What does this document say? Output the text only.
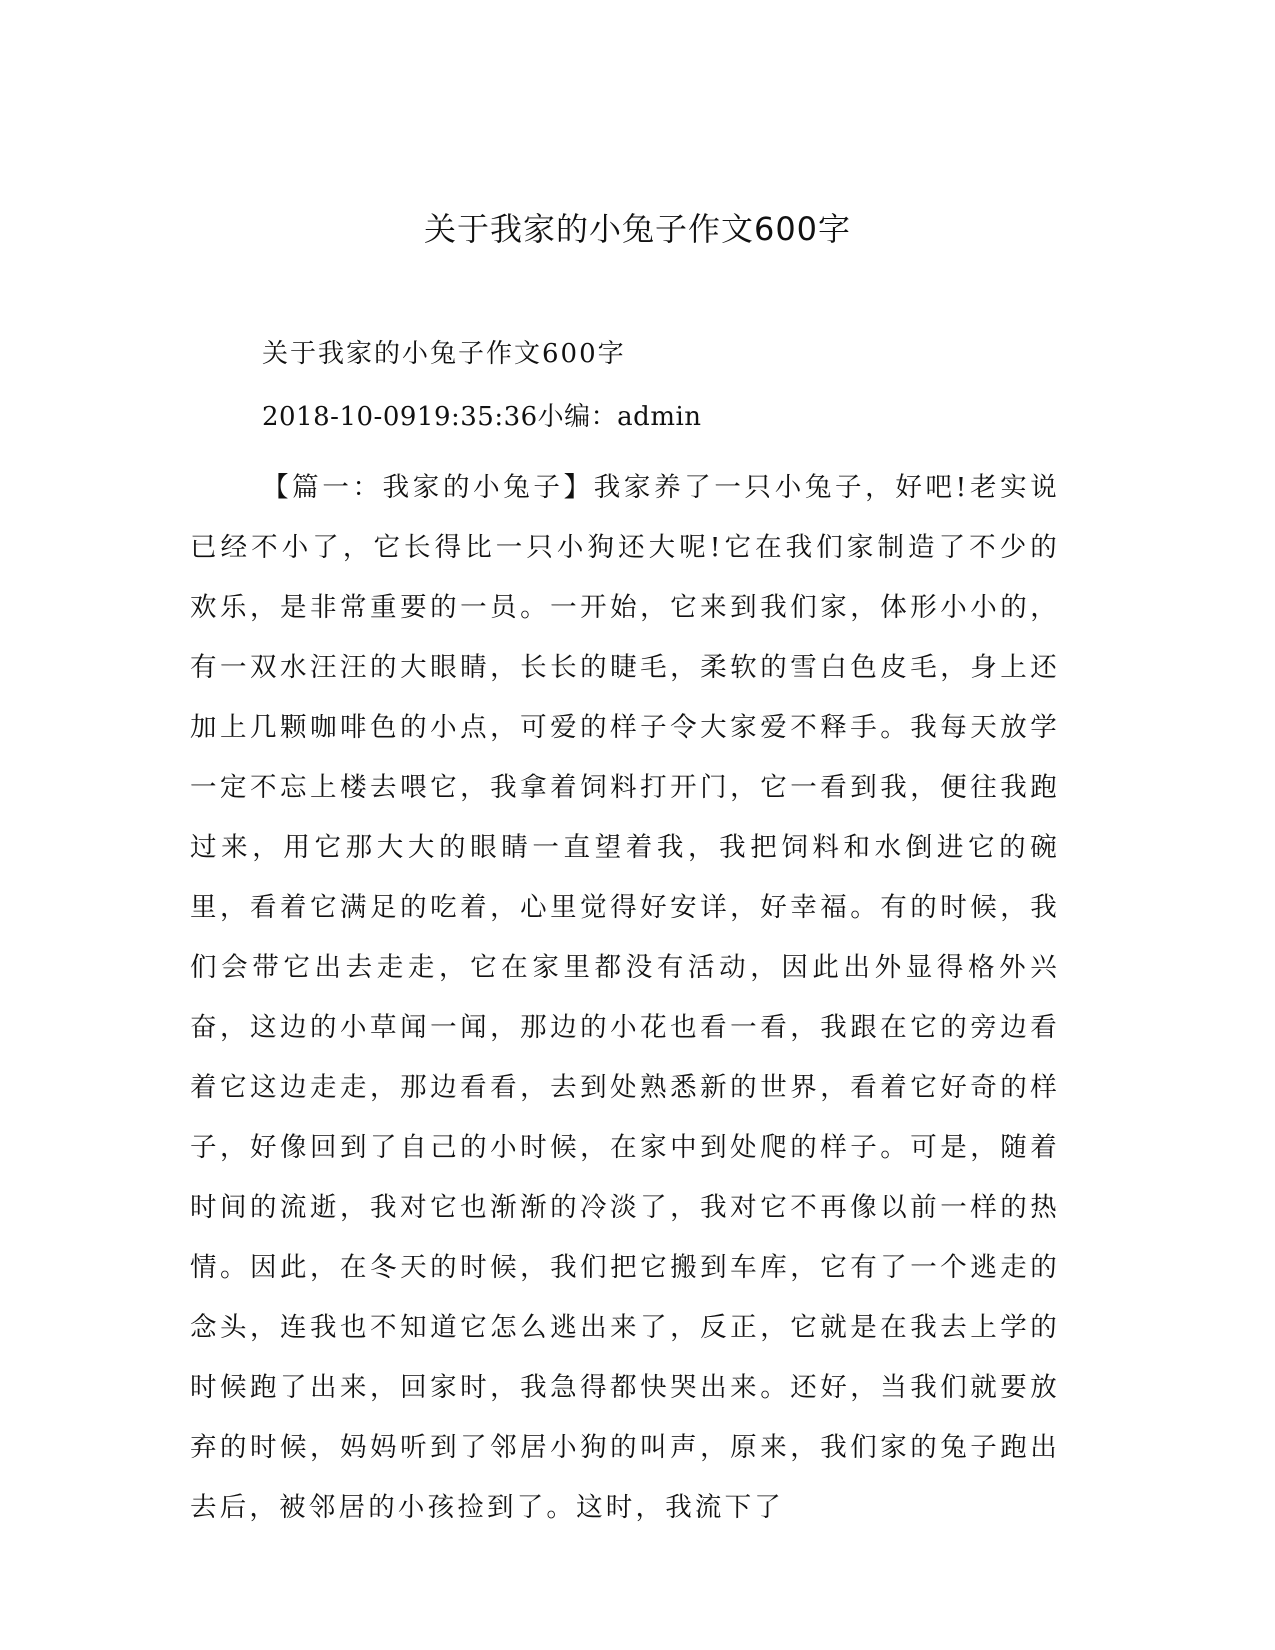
关于我家的小兔子作文600字
关于我家的小兔子作文600字
2018-10-0919:35:36小编：admin

【篇一：我家的小兔子】我家养了一只小兔子，好吧!老实说已经不小了，它长得比一只小狗还大呢!它在我们家制造了不少的欢乐，是非常重要的一员。一开始，它来到我们家，体形小小的，有一双水汪汪的大眼睛，长长的睫毛，柔软的雪白色皮毛，身上还加上几颗咖啡色的小点，可爱的样子令大家爱不释手。我每天放学一定不忘上楼去喂它，我拿着饲料打开门，它一看到我，便往我跑过来，用它那大大的眼睛一直望着我，我把饲料和水倒进它的碗里，看着它满足的吃着，心里觉得好安详，好幸福。有的时候，我们会带它出去走走，它在家里都没有活动，因此出外显得格外兴奋，这边的小草闻一闻，那边的小花也看一看，我跟在它的旁边看着它这边走走，那边看看，去到处熟悉新的世界，看着它好奇的样子，好像回到了自己的小时候，在家中到处爬的样子。可是，随着时间的流逝，我对它也渐渐的冷淡了，我对它不再像以前一样的热情。因此，在冬天的时候，我们把它搬到车库，它有了一个逃走的念头，连我也不知道它怎么逃出来了，反正，它就是在我去上学的时候跑了出来，回家时，我急得都快哭出来。还好，当我们就要放弃的时候，妈妈听到了邻居小狗的叫声，原来，我们家的兔子跑出去后，被邻居的小孩捡到了。这时，我流下了
